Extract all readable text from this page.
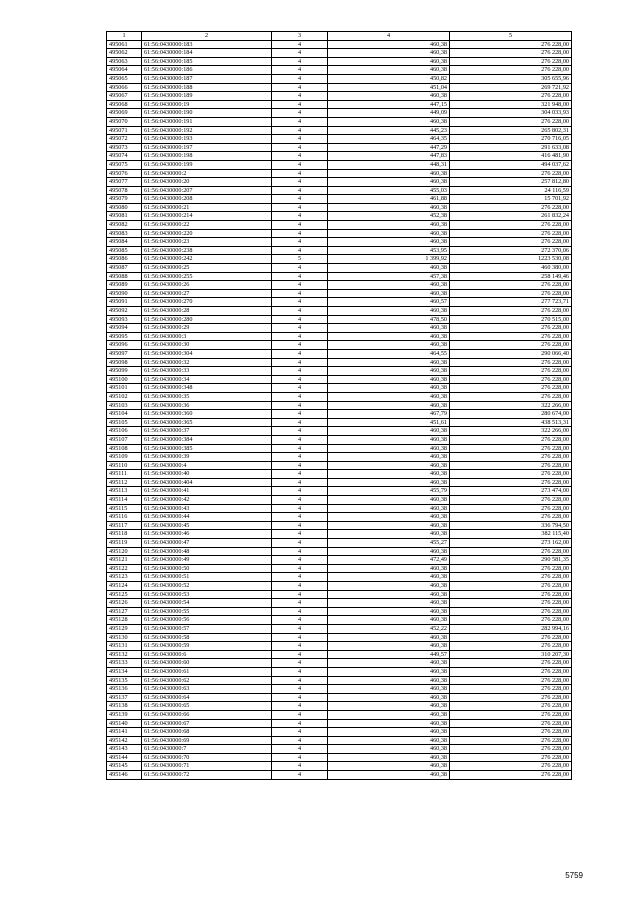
1	2	3	4	5
495061	61:56:0430000:183	4	460,38	276 228,00
495062	61:56:0430000:184	4	460,38	276 228,00
495063	61:56:0430000:185	4	460,38	276 228,00
495064	61:56:0430000:186	4	460,38	276 228,00
495065	61:56:0430000:187	4	450,82	305 655,96
495066	61:56:0430000:188	4	451,04	269 721,92
495067	61:56:0430000:189	4	460,38	276 228,00
495068	61:56:0430000:19	4	447,15	321 948,00
495069	61:56:0430000:190	4	449,09	304 033,93
495070	61:56:0430000:191	4	460,38	276 228,00
495071	61:56:0430000:192	4	445,23	265 802,31
495072	61:56:0430000:193	4	464,35	270 716,05
495073	61:56:0430000:197	4	447,29	291 633,08
495074	61:56:0430000:198	4	447,83	416 481,90
495075	61:56:0430000:199	4	448,31	494 037,62
495076	61:56:0430000:2	4	460,38	276 228,00
495077	61:56:0430000:20	4	460,38	257 812,80
495078	61:56:0430000:207	4	455,03	24 116,59
495079	61:56:0430000:208	4	461,88	15 701,92
495080	61:56:0430000:21	4	460,38	276 228,00
495081	61:56:0430000:214	4	452,38	261 832,24
495082	61:56:0430000:22	4	460,38	276 228,00
495083	61:56:0430000:220	4	460,38	276 228,00
495084	61:56:0430000:23	4	460,38	276 228,00
495085	61:56:0430000:238	4	453,95	272 370,06
495086	61:56:0430000:242	5	1 399,92	1223 530,08
495087	61:56:0430000:25	4	460,38	460 380,00
495088	61:56:0430000:255	4	457,38	258 149,46
495089	61:56:0430000:26	4	460,38	276 228,00
495090	61:56:0430000:27	4	460,38	276 228,00
495091	61:56:0430000:270	4	460,57	277 723,71
495092	61:56:0430000:28	4	460,38	276 228,00
495093	61:56:0430000:280	4	478,50	270 515,00
495094	61:56:0430000:29	4	460,38	276 228,00
495095	61:56:0430000:3	4	460,38	276 228,00
495096	61:56:0430000:30	4	460,38	276 228,00
495097	61:56:0430000:304	4	464,55	290 066,40
495098	61:56:0430000:32	4	460,38	276 228,00
495099	61:56:0430000:33	4	460,38	276 228,00
495100	61:56:0430000:34	4	460,38	276 228,00
495101	61:56:0430000:348	4	460,38	276 228,00
495102	61:56:0430000:35	4	460,38	276 228,00
495103	61:56:0430000:36	4	460,38	322 266,00
495104	61:56:0430000:360	4	467,79	280 674,00
495105	61:56:0430000:365	4	451,61	438 513,31
495106	61:56:0430000:37	4	460,38	322 266,00
495107	61:56:0430000:384	4	460,38	276 228,00
495108	61:56:0430000:385	4	460,38	276 228,00
495109	61:56:0430000:39	4	460,38	276 228,00
495110	61:56:0430000:4	4	460,38	276 228,00
495111	61:56:0430000:40	4	460,38	276 228,00
495112	61:56:0430000:404	4	460,38	276 228,00
495113	61:56:0430000:41	4	455,79	273 474,00
495114	61:56:0430000:42	4	460,38	276 228,00
495115	61:56:0430000:43	4	460,38	276 228,00
495116	61:56:0430000:44	4	460,38	276 228,00
495117	61:56:0430000:45	4	460,38	336 794,50
495118	61:56:0430000:46	4	460,38	382 115,40
495119	61:56:0430000:47	4	455,27	273 162,00
495120	61:56:0430000:48	4	460,38	276 228,00
495121	61:56:0430000:49	4	472,49	290 581,35
495122	61:56:0430000:50	4	460,38	276 228,00
495123	61:56:0430000:51	4	460,38	276 228,00
495124	61:56:0430000:52	4	460,38	276 228,00
495125	61:56:0430000:53	4	460,38	276 228,00
495126	61:56:0430000:54	4	460,38	276 228,00
495127	61:56:0430000:55	4	460,38	276 228,00
495128	61:56:0430000:56	4	460,38	276 228,00
495129	61:56:0430000:57	4	452,22	282 994,16
495130	61:56:0430000:58	4	460,38	276 228,00
495131	61:56:0430000:59	4	460,38	276 228,00
495132	61:56:0430000:6	4	449,57	310 207,30
495133	61:56:0430000:60	4	460,38	276 228,00
495134	61:56:0430000:61	4	460,38	276 228,00
495135	61:56:0430000:62	4	460,38	276 228,00
495136	61:56:0430000:63	4	460,38	276 228,00
495137	61:56:0430000:64	4	460,38	276 228,00
495138	61:56:0430000:65	4	460,38	276 228,00
495139	61:56:0430000:66	4	460,38	276 228,00
495140	61:56:0430000:67	4	460,38	276 228,00
495141	61:56:0430000:68	4	460,38	276 228,00
495142	61:56:0430000:69	4	460,38	276 228,00
495143	61:56:0430000:7	4	460,38	276 228,00
495144	61:56:0430000:70	4	460,38	276 228,00
495145	61:56:0430000:71	4	460,38	276 228,00
495146	61:56:0430000:72	4	460,38	276 228,00
5759
